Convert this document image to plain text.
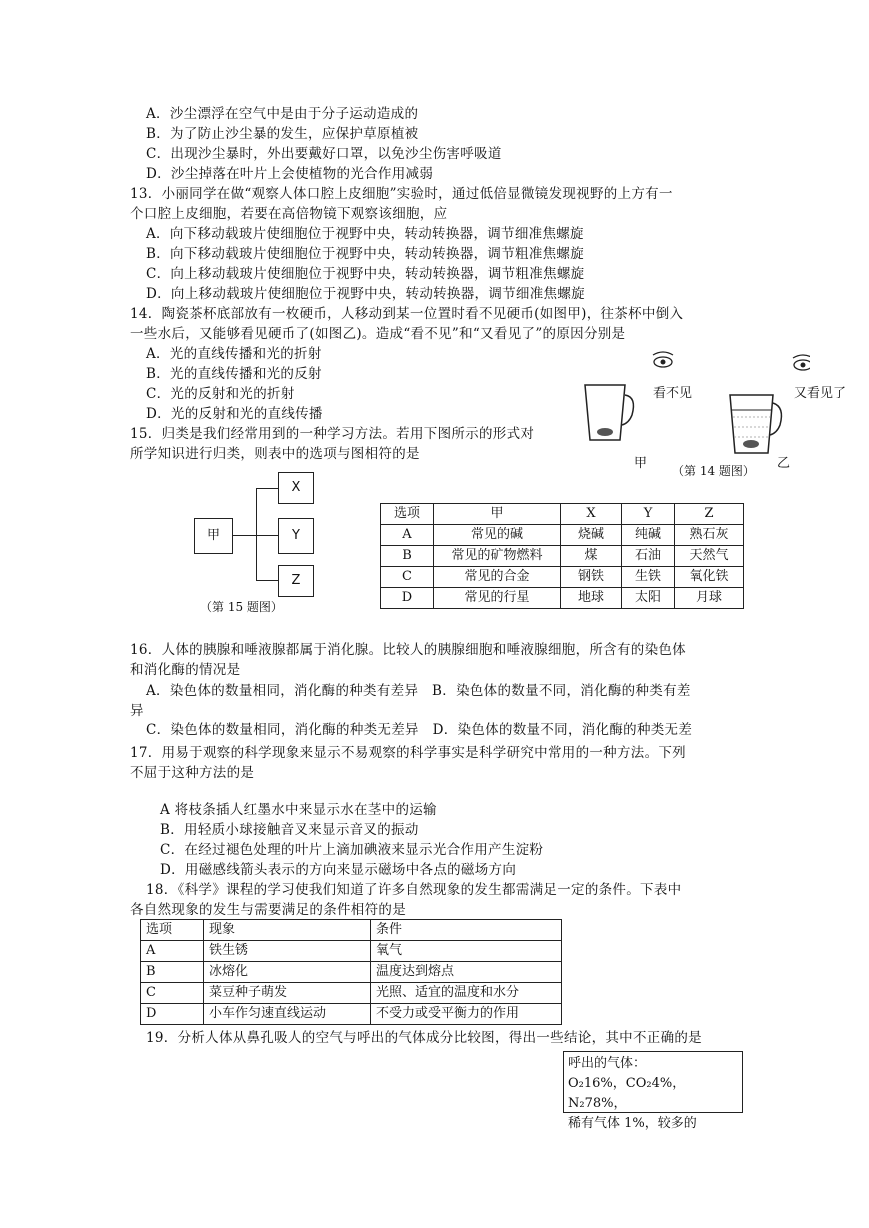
A．沙尘漂浮在空气中是由于分子运动造成的
B．为了防止沙尘暴的发生，应保护草原植被
C．出现沙尘暴时，外出要戴好口罩，以免沙尘伤害呼吸道
D．沙尘掉落在叶片上会使植物的光合作用减弱
13．小丽同学在做“观察人体口腔上皮细胞”实验时，通过低倍显微镜发现视野的上方有一
个口腔上皮细胞，若要在高倍物镜下观察该细胞，应
A．向下移动载玻片使细胞位于视野中央，转动转换器，调节细准焦螺旋
B．向下移动载玻片使细胞位于视野中央，转动转换器，调节粗准焦螺旋
C．向上移动载玻片使细胞位于视野中央，转动转换器，调节粗准焦螺旋
D．向上移动载玻片使细胞位于视野中央，转动转换器，调节细准焦螺旋
14．陶瓷茶杯底部放有一枚硬币，人移动到某一位置时看不见硬币(如图甲)，往茶杯中倒入
一些水后，又能够看见硬币了(如图乙)。造成“看不见”和“又看见了”的原因分别是
A．光的直线传播和光的折射
B．光的直线传播和光的反射
C．光的反射和光的折射
D．光的反射和光的直线传播
看不见	又看见了
甲	乙
（第 14 题图）
15．归类是我们经常用到的一种学习方法。若用下图所示的形式对
所学知识进行归类，则表中的选项与图相符的是
甲
X
Y
Z
（第 15 题图）
选项	甲	X	Y	Z
A	常见的碱	烧碱	纯碱	熟石灰
B	常见的矿物燃料	煤	石油	天然气
C	常见的合金	钢铁	生铁	氧化铁
D	常见的行星	地球	太阳	月球
16．人体的胰腺和唾液腺都属于消化腺。比较人的胰腺细胞和唾液腺细胞，所含有的染色体
和消化酶的情况是
A．染色体的数量相同，消化酶的种类有差异　B．染色体的数量不同，消化酶的种类有差
异
C．染色体的数量相同，消化酶的种类无差异　D．染色体的数量不同，消化酶的种类无差
17．用易于观察的科学现象来显示不易观察的科学事实是科学研究中常用的一种方法。下列
不屈于这种方法的是
A 将枝条插人红墨水中来显示水在茎中的运输
B．用轻质小球接触音叉来显示音叉的振动
C．在经过褪色处理的叶片上滴加碘液来显示光合作用产生淀粉
D．用磁感线箭头表示的方向来显示磁场中各点的磁场方向
18．《科学》课程的学习使我们知道了许多自然现象的发生都需满足一定的条件。下表中
各自然现象的发生与需要满足的条件相符的是
选项	现象	条件
A	铁生锈	氧气
B	冰熔化	温度达到熔点
C	菜豆种子萌发	光照、适宜的温度和水分
D	小车作匀速直线运动	不受力或受平衡力的作用
19．分析人体从鼻孔吸人的空气与呼出的气体成分比较图，得出一些结论，其中不正确的是
呼出的气体：
O₂16%，CO₂4%，N₂78%，
稀有气体 1%，较多的
